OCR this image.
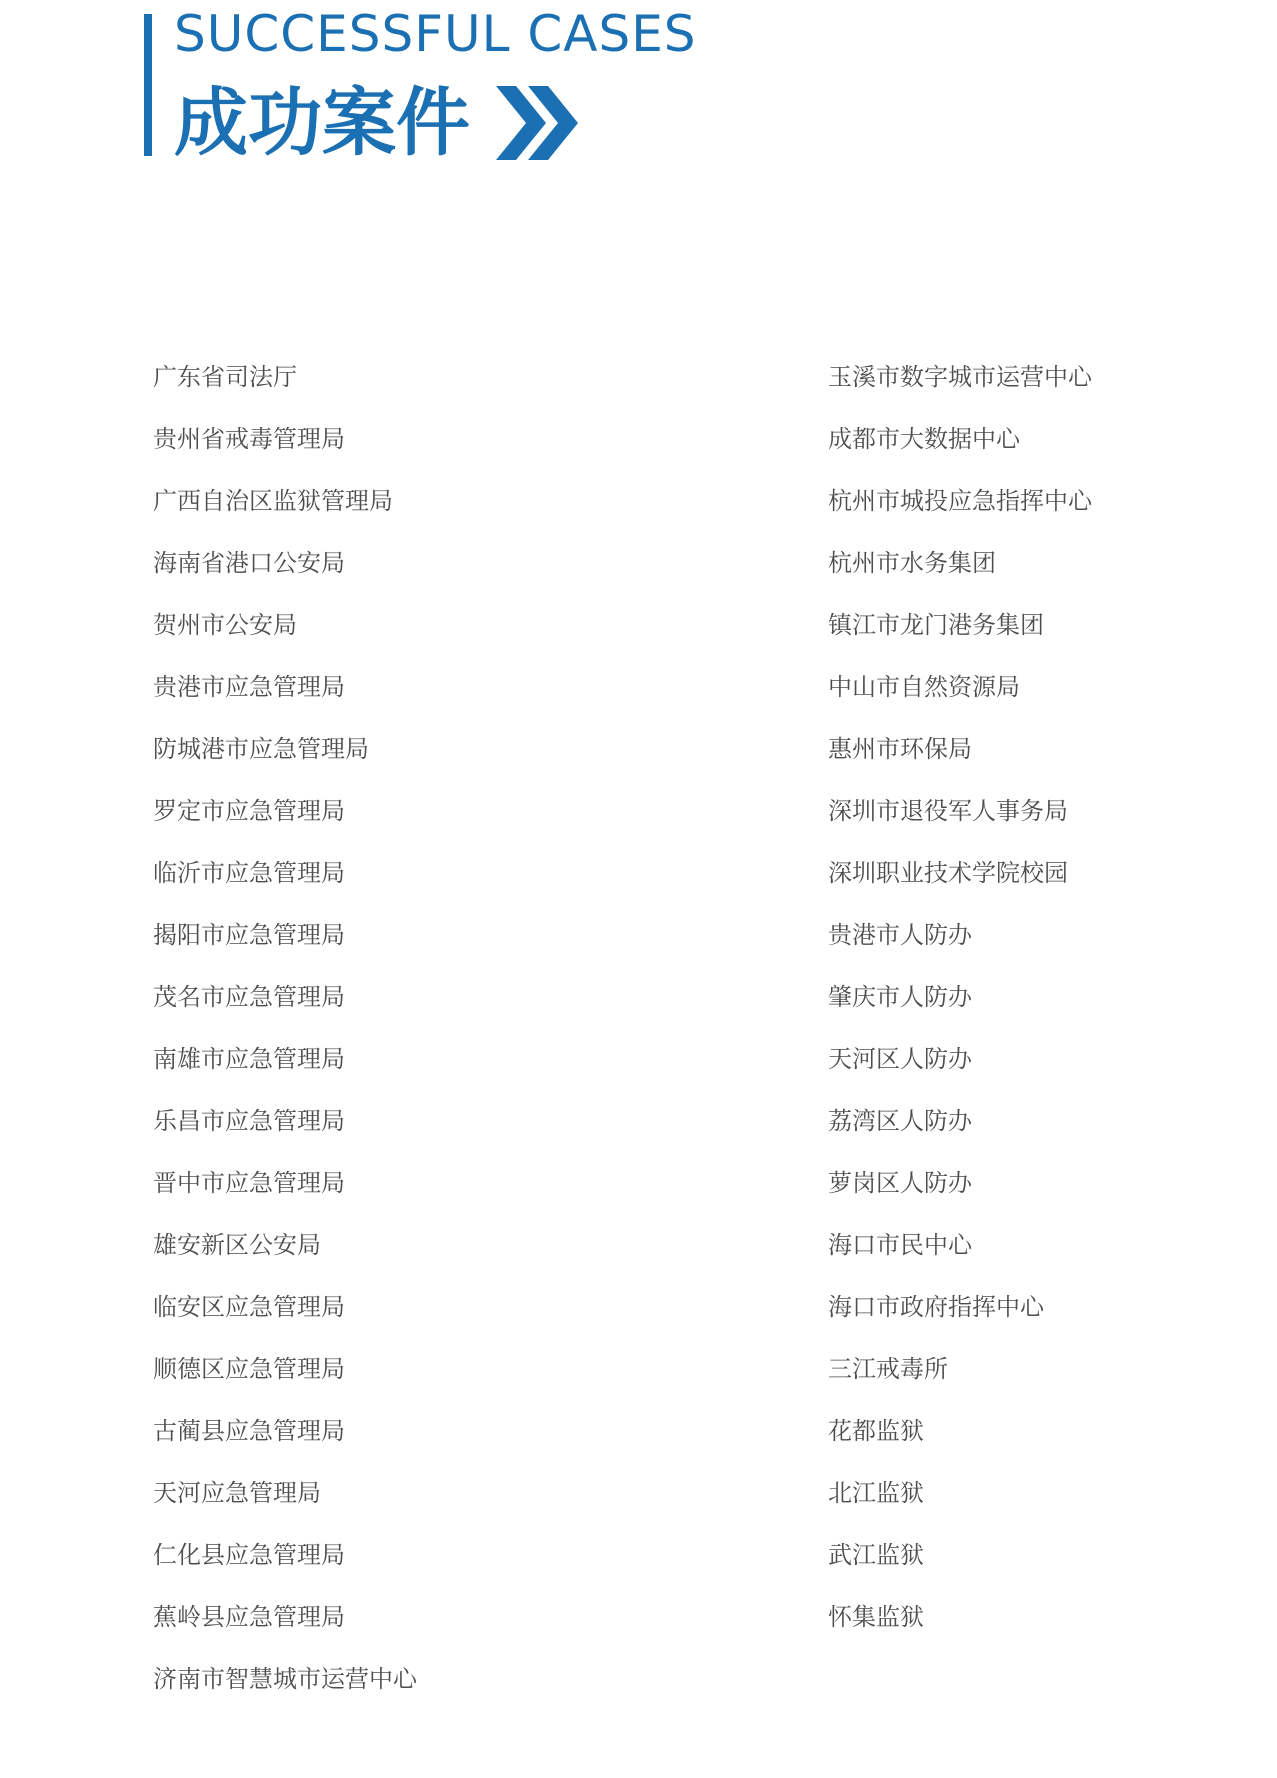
SUCCESSFUL CASES
成功案件
广东省司法厅
贵州省戒毒管理局
广西自治区监狱管理局
海南省港口公安局
贺州市公安局
贵港市应急管理局
防城港市应急管理局
罗定市应急管理局
临沂市应急管理局
揭阳市应急管理局
茂名市应急管理局
南雄市应急管理局
乐昌市应急管理局
晋中市应急管理局
雄安新区公安局
临安区应急管理局
顺德区应急管理局
古蔺县应急管理局
天河应急管理局
仁化县应急管理局
蕉岭县应急管理局
济南市智慧城市运营中心
玉溪市数字城市运营中心
成都市大数据中心
杭州市城投应急指挥中心
杭州市水务集团
镇江市龙门港务集团
中山市自然资源局
惠州市环保局
深圳市退役军人事务局
深圳职业技术学院校园
贵港市人防办
肇庆市人防办
天河区人防办
荔湾区人防办
萝岗区人防办
海口市民中心
海口市政府指挥中心
三江戒毒所
花都监狱
北江监狱
武江监狱
怀集监狱
